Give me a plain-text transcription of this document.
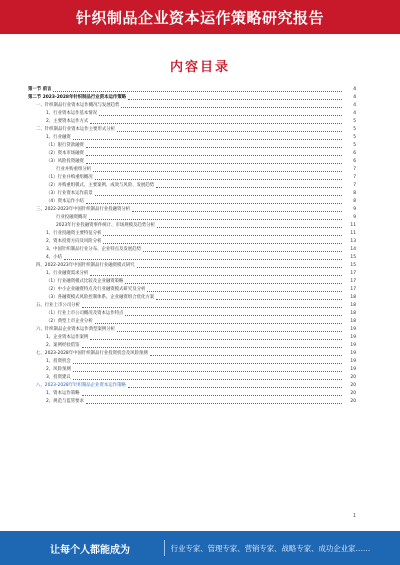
针织制品企业资本运作策略研究报告
内容目录
第一节 前言	4
第二节 2023-2028年针织制品行业资本运作策略	4
一、针织制品行业资本运作概况与发展趋势	4
1、行业资本运作基本情况	4
2、主要资本运作方式	5
二、针织制品行业资本运作主要形式分析	5
1、行业融资	5
（1）银行贷款融资	5
（2）资本市场融资	6
（3）风险投资融资	6
行业并购重组分析	7
（1）行业并购重组概况	7
（2）并购重组模式、主要案例、成效与风险、发展趋势	7
（3）行业资本运作前景	8
（4）资本运作小结	8
三、2022-2023年中国针织制品行业投融资分析	9
行业投融资概况	9
2023年行业投融资事件统计、市场规模及趋势分析	11
1、行业投融资主要特征分析	11
2、资本投资方向及风险分析	13
3、中国针织制品行业分布、企业特点及发展趋势	14
4、小结	15
四、2022-2023年中国针织制品行业融资模式研究	15
1、行业融资需求分析	17
（1）行业融资模式比较及企业融资策略	17
（2）中小企业融资特点及行业融资模式研究及分析	17
（3）各融资模式风险控制体系、企业融资组合优化方案	18
五、行业上市公司分析	18
（1）行业上市公司概况及资本运作特点	18
（2）典型上市企业分析	18
六、针织制品企业资本运作典型案例分析	19
1、企业资本运作案例	19
2、案例经验借鉴	19
七、2023-2028年中国针织制品行业投资机会及风险预测	19
1、投资机会	19
2、风险预测	19
3、投资建议	20
八、2023-2028年针织制品企业资本运作策略	20
1、资本运作策略	20
2、规范与监管要求	20
1
让每个人都能成为	行业专家、管理专家、营销专家、战略专家、成功企业家……
